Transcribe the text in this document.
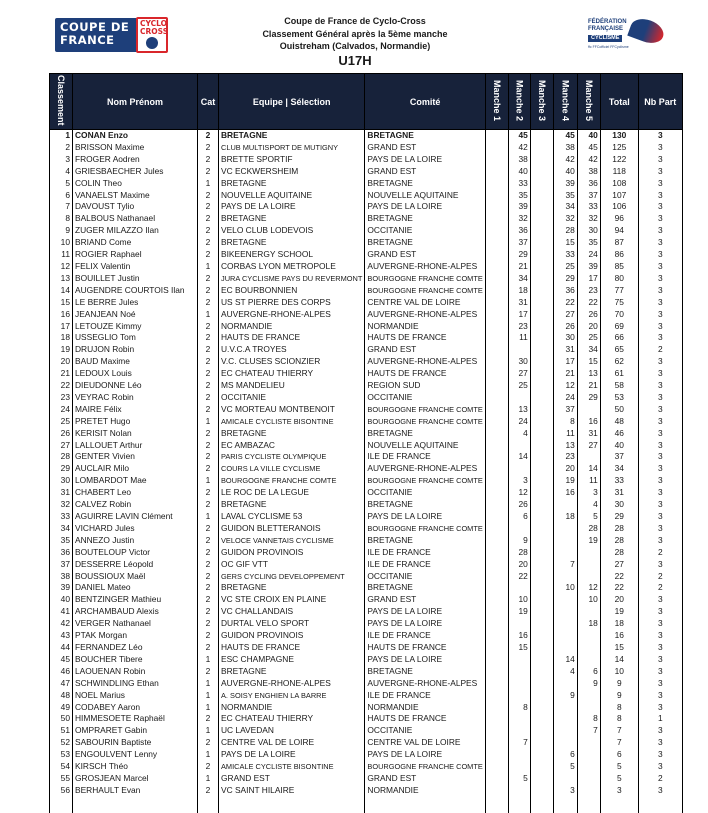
COUPE DE
FRANCE
CYCLO
CROSS
Coupe de France de Cyclo-Cross
Classement Général après la 5ème manche
Ouistreham (Calvados, Normandie)
U17H
FÉDÉRATION
FRANÇAISE
CYCLISME
ffc FFCofficiel FFCyclisme
Classement	Nom Prénom	Cat	Equipe | Sélection	Comité	Manche 1	Manche 2	Manche 3	Manche 4	Manche 5	Total	Nb Part
1	CONAN Enzo	2	BRETAGNE	BRETAGNE		45		45	40	130	3
2	BRISSON Maxime	2	CLUB MULTISPORT DE MUTIGNY	GRAND EST		42		38	45	125	3
3	FROGER Aodren	2	BRETTE SPORTIF	PAYS DE LA LOIRE		38		42	42	122	3
4	GRIESBAECHER Jules	2	VC ECKWERSHEIM	GRAND EST		40		40	38	118	3
5	COLIN Theo	1	BRETAGNE	BRETAGNE		33		39	36	108	3
6	VANAELST Maxime	2	NOUVELLE AQUITAINE	NOUVELLE AQUITAINE		35		35	37	107	3
7	DAVOUST Tylio	2	PAYS DE LA LOIRE	PAYS DE LA LOIRE		39		34	33	106	3
8	BALBOUS Nathanael	2	BRETAGNE	BRETAGNE		32		32	32	96	3
9	ZUGER MILAZZO Ilan	2	VELO CLUB LODEVOIS	OCCITANIE		36		28	30	94	3
10	BRIAND Come	2	BRETAGNE	BRETAGNE		37		15	35	87	3
11	ROGIER Raphael	2	BIKEENERGY SCHOOL	GRAND EST		29		33	24	86	3
12	FELIX Valentin	1	CORBAS LYON METROPOLE	AUVERGNE-RHONE-ALPES		21		25	39	85	3
13	BOUILLET Justin	2	JURA CYCLISME PAYS DU REVERMONT	BOURGOGNE FRANCHE COMTE		34		29	17	80	3
14	AUGENDRE COURTOIS Ilan	2	EC BOURBONNIEN	BOURGOGNE FRANCHE COMTE		18		36	23	77	3
15	LE BERRE Jules	2	US ST PIERRE DES CORPS	CENTRE VAL DE LOIRE		31		22	22	75	3
16	JEANJEAN Noé	1	AUVERGNE-RHONE-ALPES	AUVERGNE-RHONE-ALPES		17		27	26	70	3
17	LETOUZE Kimmy	2	NORMANDIE	NORMANDIE		23		26	20	69	3
18	USSEGLIO Tom	2	HAUTS DE FRANCE	HAUTS DE FRANCE		11		30	25	66	3
19	DRUJON Robin	2	U.V.C.A TROYES	GRAND EST				31	34	65	2
20	BAUD Maxime	2	V.C. CLUSES SCIONZIER	AUVERGNE-RHONE-ALPES		30		17	15	62	3
21	LEDOUX Louis	2	EC CHATEAU THIERRY	HAUTS DE FRANCE		27		21	13	61	3
22	DIEUDONNE Léo	2	MS MANDELIEU	REGION SUD		25		12	21	58	3
23	VEYRAC Robin	2	OCCITANIE	OCCITANIE				24	29	53	3
24	MAIRE Félix	2	VC MORTEAU MONTBENOIT	BOURGOGNE FRANCHE COMTE		13		37		50	3
25	PRETET Hugo	1	AMICALE CYCLISTE BISONTINE	BOURGOGNE FRANCHE COMTE		24		8	16	48	3
26	KERISIT Nolan	2	BRETAGNE	BRETAGNE		4		11	31	46	3
27	LALLOUET Arthur	2	EC AMBAZAC	NOUVELLE AQUITAINE				13	27	40	3
28	GENTER Vivien	2	PARIS CYCLISTE OLYMPIQUE	ILE DE FRANCE		14		23		37	3
29	AUCLAIR Milo	2	COURS LA VILLE CYCLISME	AUVERGNE-RHONE-ALPES				20	14	34	3
30	LOMBARDOT Mae	1	BOURGOGNE FRANCHE COMTE	BOURGOGNE FRANCHE COMTE		3		19	11	33	3
31	CHABERT Leo	2	LE ROC DE LA LEGUE	OCCITANIE		12		16	3	31	3
32	CALVEZ Robin	2	BRETAGNE	BRETAGNE		26			4	30	3
33	AGUIRRE LAVIN Clément	1	LAVAL CYCLISME 53	PAYS DE LA LOIRE		6		18	5	29	3
34	VICHARD Jules	2	GUIDON BLETTERANOIS	BOURGOGNE FRANCHE COMTE					28	28	3
35	ANNEZO Justin	2	VELOCE VANNETAIS CYCLISME	BRETAGNE		9			19	28	3
36	BOUTELOUP Victor	2	GUIDON PROVINOIS	ILE DE FRANCE		28				28	2
37	DESSERRE Léopold	2	OC GIF VTT	ILE DE FRANCE		20		7		27	3
38	BOUSSIOUX Maël	2	GERS CYCLING DEVELOPPEMENT	OCCITANIE		22				22	2
39	DANIEL Mateo	2	BRETAGNE	BRETAGNE				10	12	22	2
40	BENTZINGER Mathieu	2	VC STE CROIX EN PLAINE	GRAND EST		10			10	20	3
41	ARCHAMBAUD Alexis	2	VC CHALLANDAIS	PAYS DE LA LOIRE		19				19	3
42	VERGER Nathanael	2	DURTAL VELO SPORT	PAYS DE LA LOIRE					18	18	3
43	PTAK Morgan	2	GUIDON PROVINOIS	ILE DE FRANCE		16				16	3
44	FERNANDEZ Léo	2	HAUTS DE FRANCE	HAUTS DE FRANCE		15				15	3
45	BOUCHER Tibere	1	ESC CHAMPAGNE	PAYS DE LA LOIRE				14		14	3
46	LAOUENAN Robin	2	BRETAGNE	BRETAGNE				4	6	10	3
47	SCHWINDLING Ethan	1	AUVERGNE-RHONE-ALPES	AUVERGNE-RHONE-ALPES					9	9	3
48	NOEL Marius	1	A. SOISY ENGHIEN LA BARRE	ILE DE FRANCE				9		9	3
49	CODABEY Aaron	1	NORMANDIE	NORMANDIE		8				8	3
50	HIMMESOETE Raphaël	2	EC CHATEAU THIERRY	HAUTS DE FRANCE					8	8	1
51	OMPRARET Gabin	1	UC LAVEDAN	OCCITANIE					7	7	3
52	SABOURIN Baptiste	2	CENTRE VAL DE LOIRE	CENTRE VAL DE LOIRE		7				7	3
53	ENGOULVENT Lenny	1	PAYS DE LA LOIRE	PAYS DE LA LOIRE				6		6	3
54	KIRSCH Théo	2	AMICALE CYCLISTE BISONTINE	BOURGOGNE FRANCHE COMTE				5		5	3
55	GROSJEAN Marcel	1	GRAND EST	GRAND EST		5				5	2
56	BERHAULT Evan	2	VC SAINT HILAIRE	NORMANDIE				3		3	3
